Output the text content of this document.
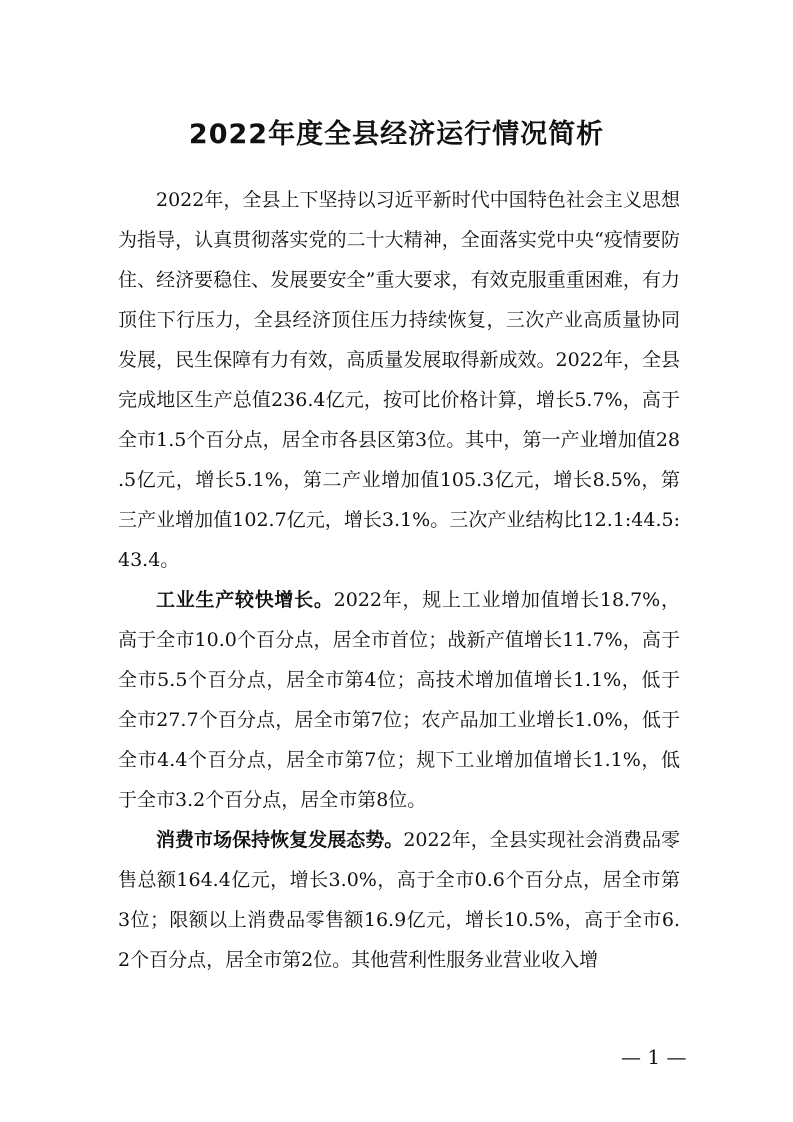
2022年度全县经济运行情况简析

2022年，全县上下坚持以习近平新时代中国特色社会主义思想为指导，认真贯彻落实党的二十大精神，全面落实党中央“疫情要防住、经济要稳住、发展要安全”重大要求，有效克服重重困难，有力顶住下行压力，全县经济顶住压力持续恢复，三次产业高质量协同发展，民生保障有力有效，高质量发展取得新成效。2022年，全县完成地区生产总值236.4亿元，按可比价格计算，增长5.7%，高于全市1.5个百分点，居全市各县区第3位。其中，第一产业增加值28.5亿元，增长5.1%，第二产业增加值105.3亿元，增长8.5%，第三产业增加值102.7亿元，增长3.1%。三次产业结构比12.1:44.5:43.4。

工业生产较快增长。2022年，规上工业增加值增长18.7%，高于全市10.0个百分点，居全市首位；战新产值增长11.7%，高于全市5.5个百分点，居全市第4位；高技术增加值增长1.1%，低于全市27.7个百分点，居全市第7位；农产品加工业增长1.0%，低于全市4.4个百分点，居全市第7位；规下工业增加值增长1.1%，低于全市3.2个百分点，居全市第8位。

消费市场保持恢复发展态势。2022年，全县实现社会消费品零售总额164.4亿元，增长3.0%，高于全市0.6个百分点，居全市第3位；限额以上消费品零售额16.9亿元，增长10.5%，高于全市6.2个百分点，居全市第2位。其他营利性服务业营业收入增

— 1 —
